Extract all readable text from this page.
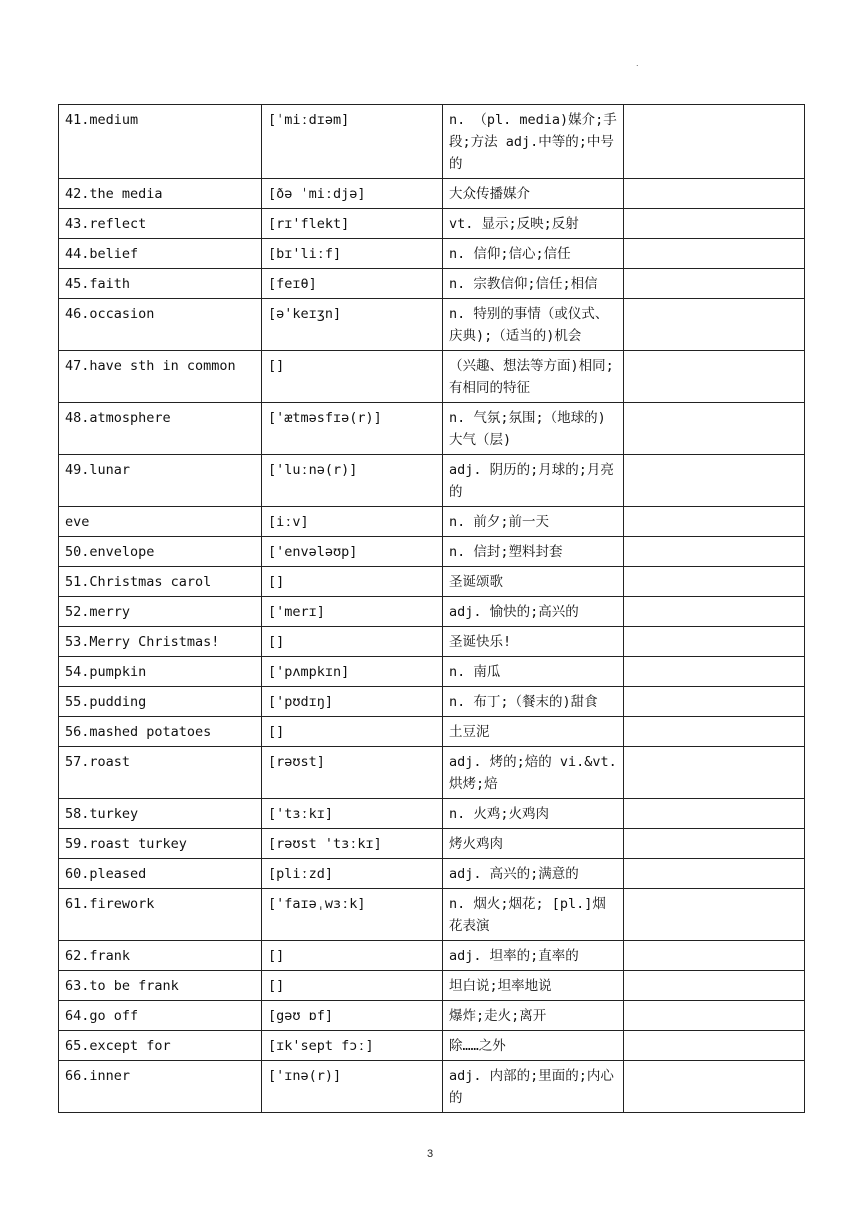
.
41.medium	[ˈmiːdɪəm]	n. （pl. media)媒介;手段;方法 adj.中等的;中号的	
42.the media	[ðə ˈmiːdjə]	大众传播媒介	
43.reflect	[rɪ'flekt]	vt. 显示;反映;反射	
44.belief	[bɪ'liːf]	n. 信仰;信心;信任	
45.faith	[feɪθ]	n. 宗教信仰;信任;相信	
46.occasion	[ə'keɪʒn]	n. 特别的事情（或仪式、庆典);（适当的)机会	
47.have sth in common	[]	（兴趣、想法等方面)相同;有相同的特征	
48.atmosphere	['ætməsfɪə(r)]	n. 气氛;氛围;（地球的)大气（层)	
49.lunar	['luːnə(r)]	adj. 阴历的;月球的;月亮的	
eve	[iːv]	n. 前夕;前一天	
50.envelope	['envələʊp]	n. 信封;塑料封套	
51.Christmas carol	[]	圣诞颂歌	
52.merry	['merɪ]	adj. 愉快的;高兴的	
53.Merry Christmas!	[]	圣诞快乐!	
54.pumpkin	['pʌmpkɪn]	n. 南瓜	
55.pudding	['pʊdɪŋ]	n. 布丁;（餐末的)甜食	
56.mashed potatoes	[]	土豆泥	
57.roast	[rəʊst]	adj. 烤的;焙的 vi.&vt.烘烤;焙	
58.turkey	['tɜːkɪ]	n. 火鸡;火鸡肉	
59.roast turkey	[rəʊst 'tɜːkɪ]	烤火鸡肉	
60.pleased	[pliːzd]	adj. 高兴的;满意的	
61.firework	['faɪəˌwɜːk]	n. 烟火;烟花; [pl.]烟花表演	
62.frank	[]	adj. 坦率的;直率的	
63.to be frank	[]	坦白说;坦率地说	
64.go off	[gəʊ ɒf]	爆炸;走火;离开	
65.except for	[ɪk'sept fɔː]	除……之外	
66.inner	['ɪnə(r)]	adj. 内部的;里面的;内心的	
3
